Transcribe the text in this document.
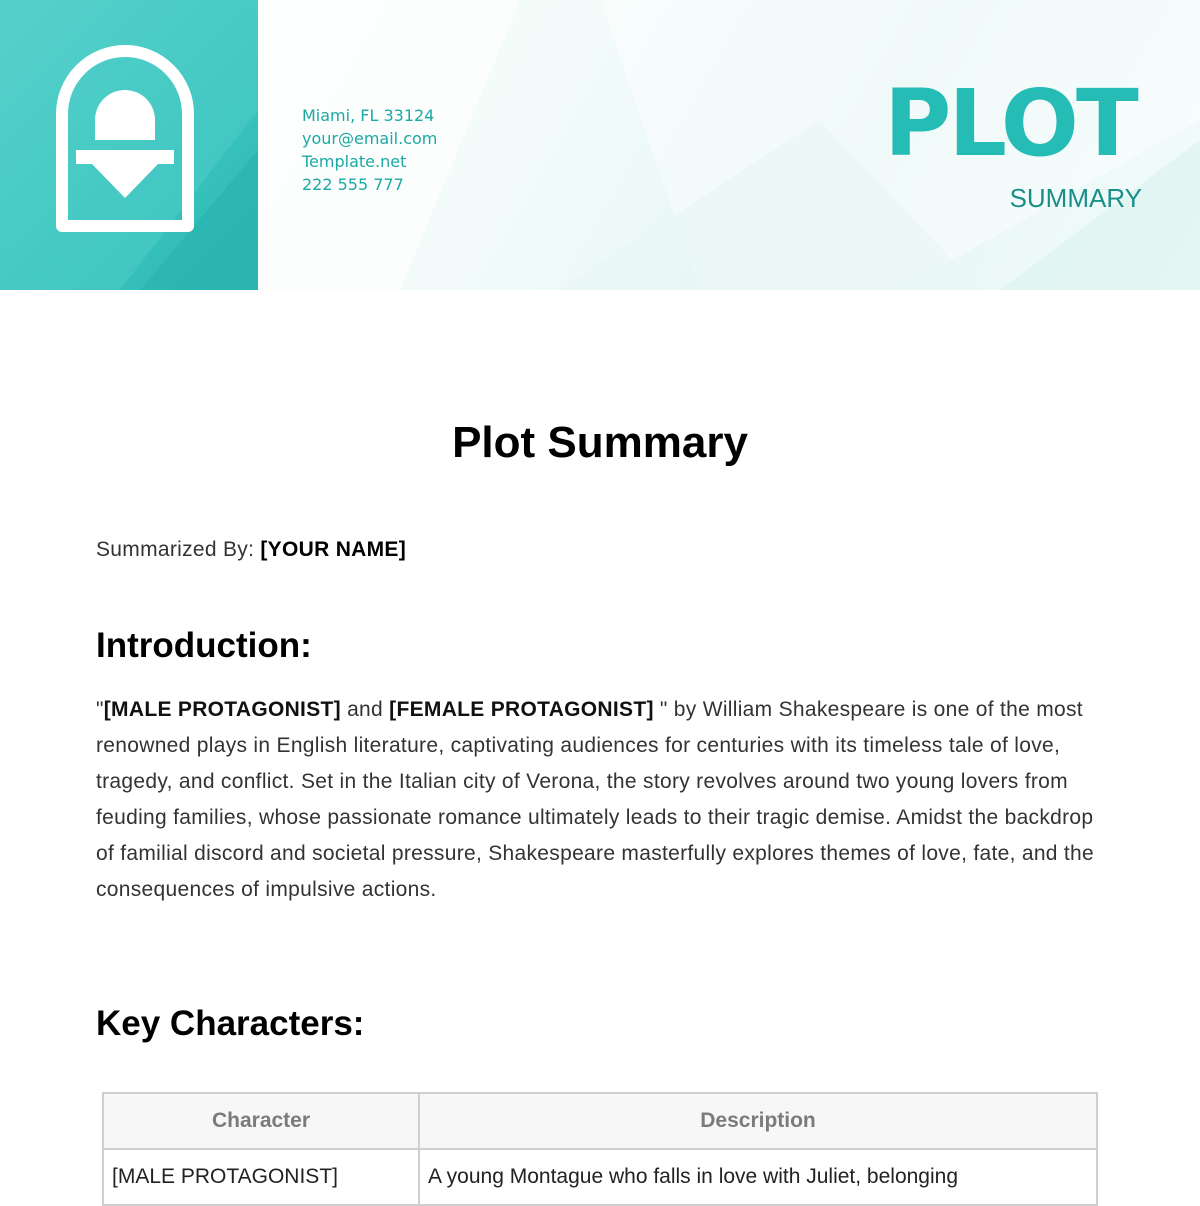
Miami, FL 33124
your@email.com
Template.net
222 555 777
PLOT
SUMMARY
Plot Summary
Summarized By: [YOUR NAME]
Introduction:
"[MALE PROTAGONIST] and [FEMALE PROTAGONIST] " by William Shakespeare is one of the most renowned plays in English literature, captivating audiences for centuries with its timeless tale of love, tragedy, and conflict. Set in the Italian city of Verona, the story revolves around two young lovers from feuding families, whose passionate romance ultimately leads to their tragic demise. Amidst the backdrop of familial discord and societal pressure, Shakespeare masterfully explores themes of love, fate, and the consequences of impulsive actions.
Key Characters:
Character	Description
[MALE PROTAGONIST]	A young Montague who falls in love with Juliet, belonging
